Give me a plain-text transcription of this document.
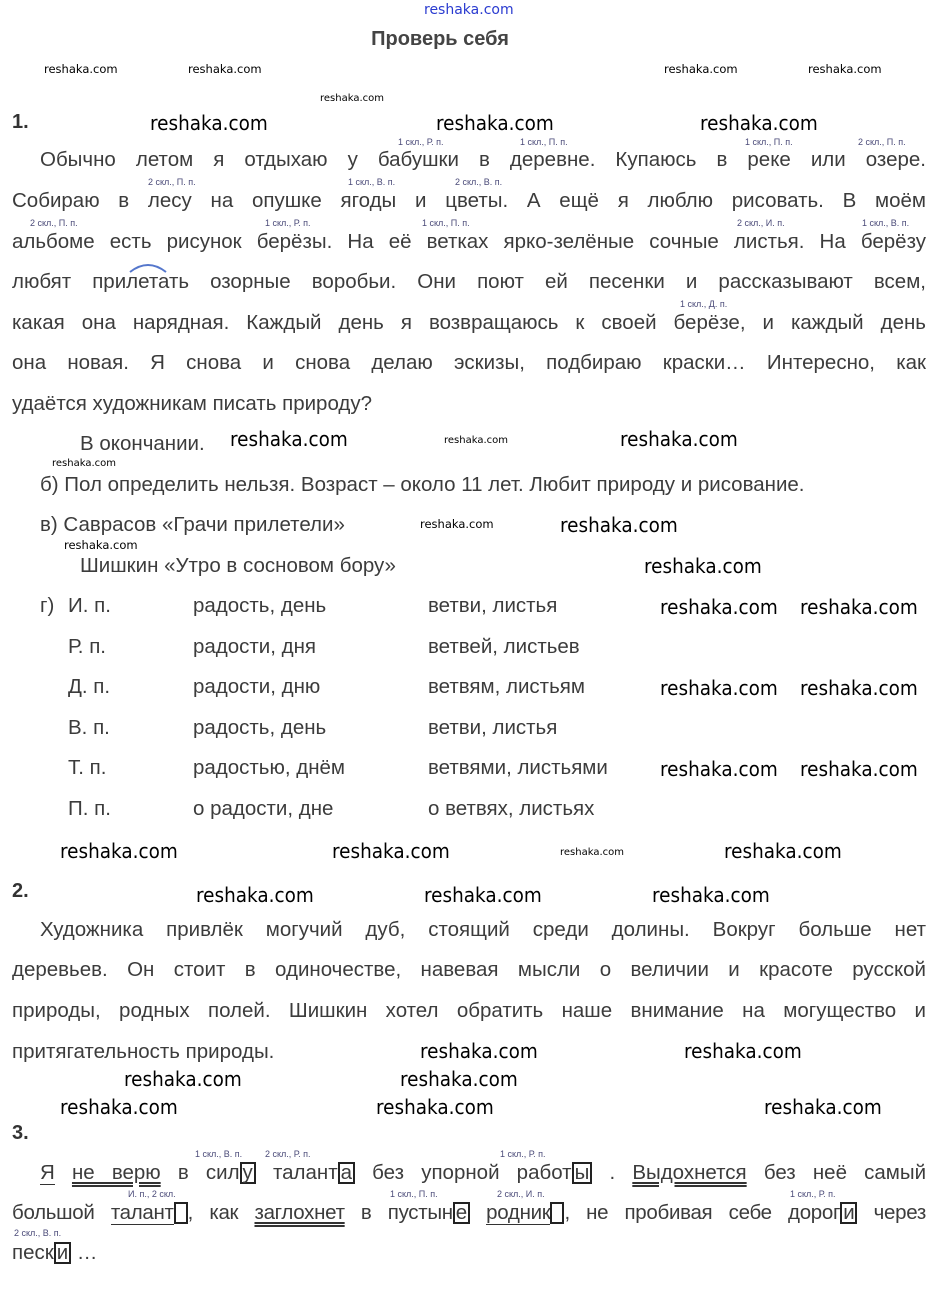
reshaka.com
Проверь себя
1.
Обычно летом я отдыхаю у бабушки в деревне. Купаюсь в реке или озере.
Собираю в лесу на опушке ягоды и цветы. А ещё я люблю рисовать. В моём
альбоме есть рисунок берёзы. На её ветках ярко-зелёные сочные листья. На берёзу
любят прилетать озорные воробьи. Они поют ей песенки и рассказывают всем,
какая она нарядная. Каждый день я возвращаюсь к своей берёзе, и каждый день
она новая. Я снова и снова делаю эскизы, подбираю краски… Интересно, как
удаётся художникам писать природу?
1 скл., Р. п.	1 скл., П. п.	1 скл., П. п.	2 скл., П. п.
2 скл., П. п.	1 скл., В. п.	2 скл., В. п.
2 скл., П. п.	1 скл., Р. п.	1 скл., П. п.	2 скл., И. п.	1 скл., В. п.
1 скл., Д. п.
В окончании.
б) Пол определить нельзя. Возраст – около 11 лет. Любит природу и рисование.
в) Саврасов «Грачи прилетели»
Шишкин «Утро в сосновом бору»
г) И. п.	радость, день	ветви, листья
Р. п.	радости, дня	ветвей, листьев
Д. п.	радости, дню	ветвям, листьям
В. п.	радость, день	ветви, листья
Т. п.	радостью, днём	ветвями, листьями
П. п.	о радости, дне	о ветвях, листьях
2.
Художника привлёк могучий дуб, стоящий среди долины. Вокруг больше нет
деревьев. Он стоит в одиночестве, навевая мысли о величии и красоте русской
природы, родных полей. Шишкин хотел обратить наше внимание на могущество и
притягательность природы.
3.
Я не верю в сил у талант а без упорной работ ы . Выдохнется без неё самый
большой талант , как заглохнет в пустын е родник , не пробивая себе дорог и через
песк и …
1 скл., В. п.	2 скл., Р. п.	1 скл., Р. п.
И. п., 2 скл.	1 скл., П. п.	2 скл., И. п.	1 скл., Р. п.
2 скл., В. п.
reshaka.com	reshaka.com	reshaka.com	reshaka.com
reshaka.com
reshaka.com
reshaka.com	reshaka.com
reshaka.com	reshaka.com	reshaka.com	reshaka.com
reshaka.com	reshaka.com	reshaka.com
reshaka.com
reshaka.com
reshaka.com	reshaka.com
reshaka.com
reshaka.com reshaka.com
reshaka.com reshaka.com
reshaka.com reshaka.com
reshaka.com
reshaka.com	reshaka.com	reshaka.com
reshaka.com
reshaka.com	reshaka.com
reshaka.com	reshaka.com	reshaka.com
